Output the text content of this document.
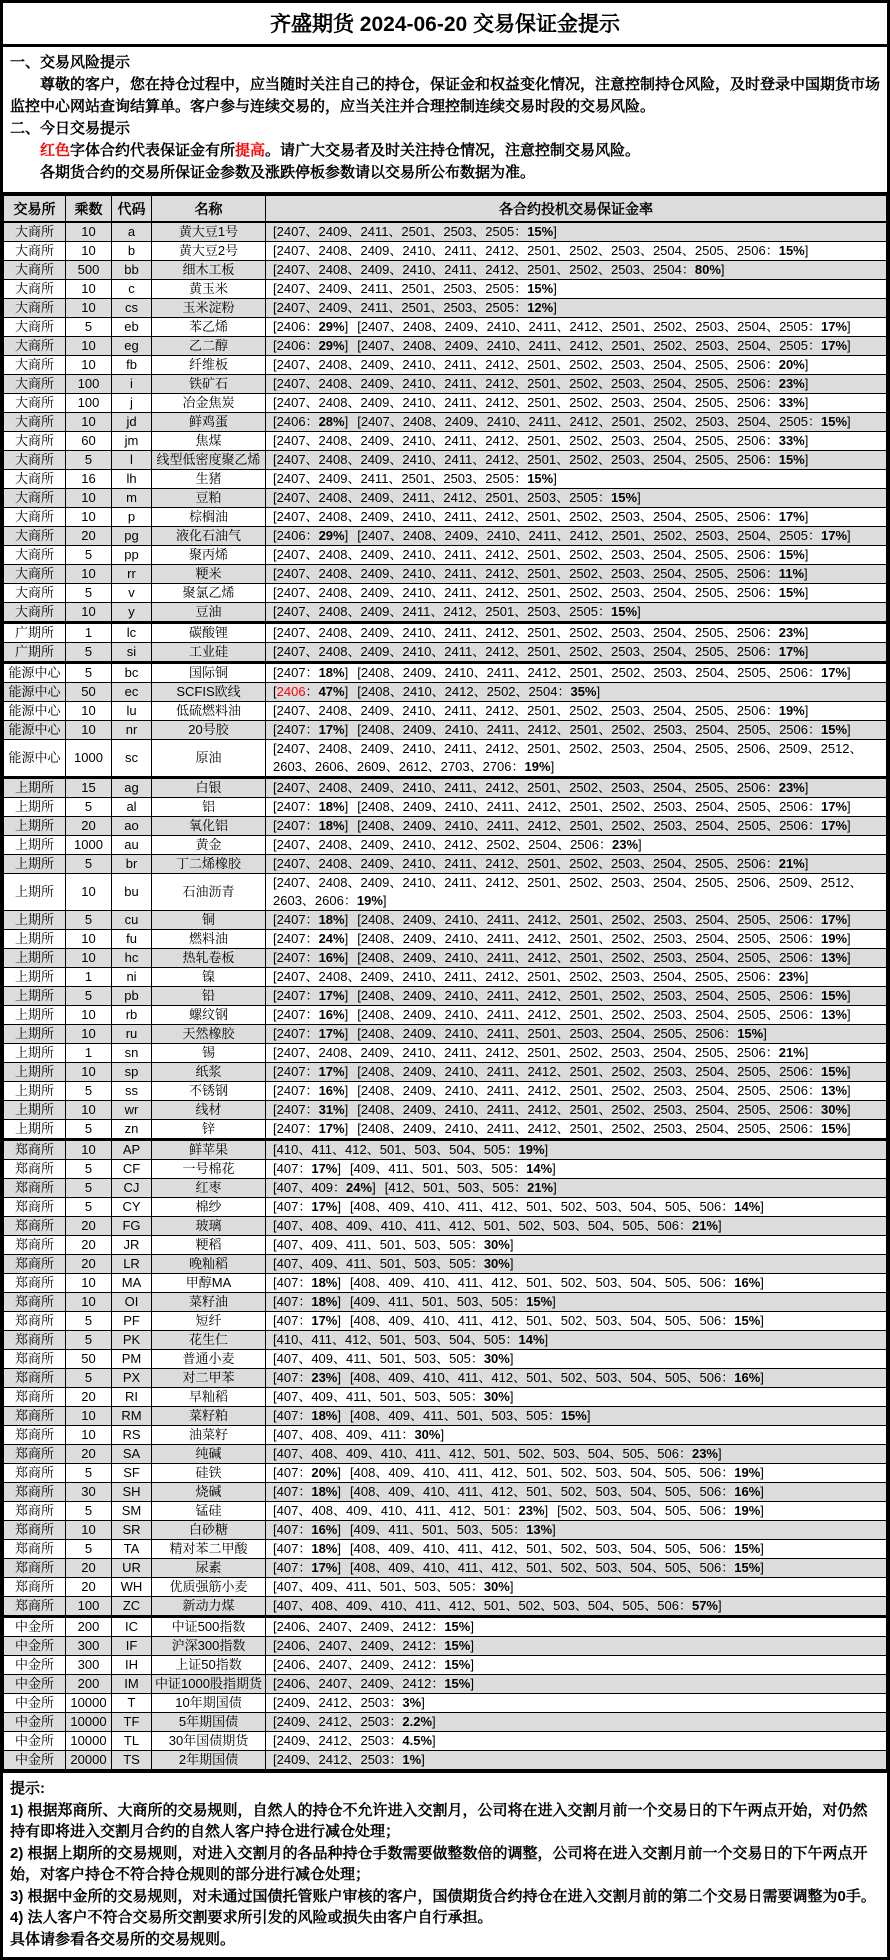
齐盛期货 2024-06-20 交易保证金提示

一、交易风险提示

尊敬的客户，您在持仓过程中，应当随时关注自己的持仓，保证金和权益变化情况，注意控制持仓风险，及时登录中国期货市场监控中心网站查询结算单。客户参与连续交易的，应当关注并合理控制连续交易时段的交易风险。

二、今日交易提示

红色字体合约代表保证金有所提高。请广大交易者及时关注持仓情况，注意控制交易风险。

各期货合约的交易所保证金参数及涨跌停板参数请以交易所公布数据为准。

交易所	乘数	代码	名称	各合约投机交易保证金率
大商所	10	a	黄大豆1号	[2407、2409、2411、2501、2503、2505：15%]
大商所	10	b	黄大豆2号	[2407、2408、2409、2410、2411、2412、2501、2502、2503、2504、2505、2506：15%]
大商所	500	bb	细木工板	[2407、2408、2409、2410、2411、2412、2501、2502、2503、2504：80%]
大商所	10	c	黄玉米	[2407、2409、2411、2501、2503、2505：15%]
大商所	10	cs	玉米淀粉	[2407、2409、2411、2501、2503、2505：12%]
大商所	5	eb	苯乙烯	[2406：29%] [2407、2408、2409、2410、2411、2412、2501、2502、2503、2504、2505：17%]
大商所	10	eg	乙二醇	[2406：29%] [2407、2408、2409、2410、2411、2412、2501、2502、2503、2504、2505：17%]
大商所	10	fb	纤维板	[2407、2408、2409、2410、2411、2412、2501、2502、2503、2504、2505、2506：20%]
大商所	100	i	铁矿石	[2407、2408、2409、2410、2411、2412、2501、2502、2503、2504、2505、2506：23%]
大商所	100	j	冶金焦炭	[2407、2408、2409、2410、2411、2412、2501、2502、2503、2504、2505、2506：33%]
大商所	10	jd	鲜鸡蛋	[2406：28%] [2407、2408、2409、2410、2411、2412、2501、2502、2503、2504、2505：15%]
大商所	60	jm	焦煤	[2407、2408、2409、2410、2411、2412、2501、2502、2503、2504、2505、2506：33%]
大商所	5	l	线型低密度聚乙烯	[2407、2408、2409、2410、2411、2412、2501、2502、2503、2504、2505、2506：15%]
大商所	16	lh	生猪	[2407、2409、2411、2501、2503、2505：15%]
大商所	10	m	豆粕	[2407、2408、2409、2411、2412、2501、2503、2505：15%]
大商所	10	p	棕榈油	[2407、2408、2409、2410、2411、2412、2501、2502、2503、2504、2505、2506：17%]
大商所	20	pg	液化石油气	[2406：29%] [2407、2408、2409、2410、2411、2412、2501、2502、2503、2504、2505：17%]
大商所	5	pp	聚丙烯	[2407、2408、2409、2410、2411、2412、2501、2502、2503、2504、2505、2506：15%]
大商所	10	rr	粳米	[2407、2408、2409、2410、2411、2412、2501、2502、2503、2504、2505、2506：11%]
大商所	5	v	聚氯乙烯	[2407、2408、2409、2410、2411、2412、2501、2502、2503、2504、2505、2506：15%]
大商所	10	y	豆油	[2407、2408、2409、2411、2412、2501、2503、2505：15%]
广期所	1	lc	碳酸锂	[2407、2408、2409、2410、2411、2412、2501、2502、2503、2504、2505、2506：23%]
广期所	5	si	工业硅	[2407、2408、2409、2410、2411、2412、2501、2502、2503、2504、2505、2506：17%]
能源中心	5	bc	国际铜	[2407：18%] [2408、2409、2410、2411、2412、2501、2502、2503、2504、2505、2506：17%]
能源中心	50	ec	SCFIS欧线	[2406：47%] [2408、2410、2412、2502、2504：35%]
能源中心	10	lu	低硫燃料油	[2407、2408、2409、2410、2411、2412、2501、2502、2503、2504、2505、2506：19%]
能源中心	10	nr	20号胶	[2407：17%] [2408、2409、2410、2411、2412、2501、2502、2503、2504、2505、2506：15%]
能源中心	1000	sc	原油	[2407、2408、2409、2410、2411、2412、2501、2502、2503、2504、2505、2506、2509、2512、2603、2606、2609、2612、2703、2706：19%]
上期所	15	ag	白银	[2407、2408、2409、2410、2411、2412、2501、2502、2503、2504、2505、2506：23%]
上期所	5	al	铝	[2407：18%] [2408、2409、2410、2411、2412、2501、2502、2503、2504、2505、2506：17%]
上期所	20	ao	氧化铝	[2407：18%] [2408、2409、2410、2411、2412、2501、2502、2503、2504、2505、2506：17%]
上期所	1000	au	黄金	[2407、2408、2409、2410、2412、2502、2504、2506：23%]
上期所	5	br	丁二烯橡胶	[2407、2408、2409、2410、2411、2412、2501、2502、2503、2504、2505、2506：21%]
上期所	10	bu	石油沥青	[2407、2408、2409、2410、2411、2412、2501、2502、2503、2504、2505、2506、2509、2512、2603、2606：19%]
上期所	5	cu	铜	[2407：18%] [2408、2409、2410、2411、2412、2501、2502、2503、2504、2505、2506：17%]
上期所	10	fu	燃料油	[2407：24%] [2408、2409、2410、2411、2412、2501、2502、2503、2504、2505、2506：19%]
上期所	10	hc	热轧卷板	[2407：16%] [2408、2409、2410、2411、2412、2501、2502、2503、2504、2505、2506：13%]
上期所	1	ni	镍	[2407、2408、2409、2410、2411、2412、2501、2502、2503、2504、2505、2506：23%]
上期所	5	pb	铅	[2407：17%] [2408、2409、2410、2411、2412、2501、2502、2503、2504、2505、2506：15%]
上期所	10	rb	螺纹钢	[2407：16%] [2408、2409、2410、2411、2412、2501、2502、2503、2504、2505、2506：13%]
上期所	10	ru	天然橡胶	[2407：17%] [2408、2409、2410、2411、2501、2503、2504、2505、2506：15%]
上期所	1	sn	锡	[2407、2408、2409、2410、2411、2412、2501、2502、2503、2504、2505、2506：21%]
上期所	10	sp	纸浆	[2407：17%] [2408、2409、2410、2411、2412、2501、2502、2503、2504、2505、2506：15%]
上期所	5	ss	不锈钢	[2407：16%] [2408、2409、2410、2411、2412、2501、2502、2503、2504、2505、2506：13%]
上期所	10	wr	线材	[2407：31%] [2408、2409、2410、2411、2412、2501、2502、2503、2504、2505、2506：30%]
上期所	5	zn	锌	[2407：17%] [2408、2409、2410、2411、2412、2501、2502、2503、2504、2505、2506：15%]
郑商所	10	AP	鲜苹果	[410、411、412、501、503、504、505：19%]
郑商所	5	CF	一号棉花	[407：17%] [409、411、501、503、505：14%]
郑商所	5	CJ	红枣	[407、409：24%] [412、501、503、505：21%]
郑商所	5	CY	棉纱	[407：17%] [408、409、410、411、412、501、502、503、504、505、506：14%]
郑商所	20	FG	玻璃	[407、408、409、410、411、412、501、502、503、504、505、506：21%]
郑商所	20	JR	粳稻	[407、409、411、501、503、505：30%]
郑商所	20	LR	晚籼稻	[407、409、411、501、503、505：30%]
郑商所	10	MA	甲醇MA	[407：18%] [408、409、410、411、412、501、502、503、504、505、506：16%]
郑商所	10	OI	菜籽油	[407：18%] [409、411、501、503、505：15%]
郑商所	5	PF	短纤	[407：17%] [408、409、410、411、412、501、502、503、504、505、506：15%]
郑商所	5	PK	花生仁	[410、411、412、501、503、504、505：14%]
郑商所	50	PM	普通小麦	[407、409、411、501、503、505：30%]
郑商所	5	PX	对二甲苯	[407：23%] [408、409、410、411、412、501、502、503、504、505、506：16%]
郑商所	20	RI	早籼稻	[407、409、411、501、503、505：30%]
郑商所	10	RM	菜籽粕	[407：18%] [408、409、411、501、503、505：15%]
郑商所	10	RS	油菜籽	[407、408、409、411：30%]
郑商所	20	SA	纯碱	[407、408、409、410、411、412、501、502、503、504、505、506：23%]
郑商所	5	SF	硅铁	[407：20%] [408、409、410、411、412、501、502、503、504、505、506：19%]
郑商所	30	SH	烧碱	[407：18%] [408、409、410、411、412、501、502、503、504、505、506：16%]
郑商所	5	SM	锰硅	[407、408、409、410、411、412、501：23%] [502、503、504、505、506：19%]
郑商所	10	SR	白砂糖	[407：16%] [409、411、501、503、505：13%]
郑商所	5	TA	精对苯二甲酸	[407：18%] [408、409、410、411、412、501、502、503、504、505、506：15%]
郑商所	20	UR	尿素	[407：17%] [408、409、410、411、412、501、502、503、504、505、506：15%]
郑商所	20	WH	优质强筋小麦	[407、409、411、501、503、505：30%]
郑商所	100	ZC	新动力煤	[407、408、409、410、411、412、501、502、503、504、505、506：57%]
中金所	200	IC	中证500指数	[2406、2407、2409、2412：15%]
中金所	300	IF	沪深300指数	[2406、2407、2409、2412：15%]
中金所	300	IH	上证50指数	[2406、2407、2409、2412：15%]
中金所	200	IM	中证1000股指期货	[2406、2407、2409、2412：15%]
中金所	10000	T	10年期国债	[2409、2412、2503：3%]
中金所	10000	TF	5年期国债	[2409、2412、2503：2.2%]
中金所	10000	TL	30年国债期货	[2409、2412、2503：4.5%]
中金所	20000	TS	2年期国债	[2409、2412、2503：1%]

提示:

1) 根据郑商所、大商所的交易规则，自然人的持仓不允许进入交割月，公司将在进入交割月前一个交易日的下午两点开始，对仍然持有即将进入交割月合约的自然人客户持仓进行减仓处理；

2) 根据上期所的交易规则，对进入交割月的各品种持仓手数需要做整数倍的调整，公司将在进入交割月前一个交易日的下午两点开始，对客户持仓不符合持仓规则的部分进行减仓处理；

3) 根据中金所的交易规则，对未通过国债托管账户审核的客户，国债期货合约持仓在进入交割月前的第二个交易日需要调整为0手。

4) 法人客户不符合交易所交割要求所引发的风险或损失由客户自行承担。

具体请参看各交易所的交易规则。
